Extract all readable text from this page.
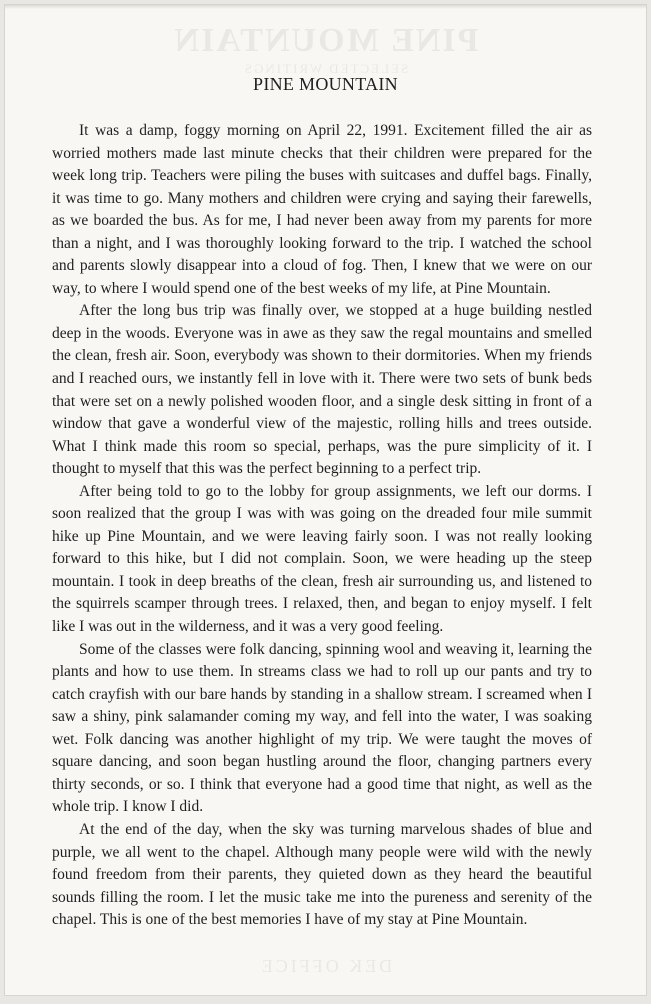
PINE MOUNTAIN
SELECTED WRITINGS
DEK OFFICE
PINE MOUNTAIN

It was a damp, foggy morning on April 22, 1991. Excitement filled the air as worried mothers made last minute checks that their children were prepared for the week long trip. Teachers were piling the buses with suitcases and duffel bags. Finally, it was time to go. Many mothers and children were crying and saying their farewells, as we boarded the bus. As for me, I had never been away from my parents for more than a night, and I was thoroughly looking forward to the trip. I watched the school and parents slowly disappear into a cloud of fog. Then, I knew that we were on our way, to where I would spend one of the best weeks of my life, at Pine Mountain.

After the long bus trip was finally over, we stopped at a huge building nestled deep in the woods. Everyone was in awe as they saw the regal mountains and smelled the clean, fresh air. Soon, everybody was shown to their dormitories. When my friends and I reached ours, we instantly fell in love with it. There were two sets of bunk beds that were set on a newly polished wooden floor, and a single desk sitting in front of a window that gave a wonderful view of the majestic, rolling hills and trees outside. What I think made this room so special, perhaps, was the pure simplicity of it. I thought to myself that this was the perfect beginning to a perfect trip.

After being told to go to the lobby for group assignments, we left our dorms. I soon realized that the group I was with was going on the dreaded four mile summit hike up Pine Mountain, and we were leaving fairly soon. I was not really looking forward to this hike, but I did not complain. Soon, we were heading up the steep mountain. I took in deep breaths of the clean, fresh air surrounding us, and listened to the squirrels scamper through trees. I relaxed, then, and began to enjoy myself. I felt like I was out in the wilderness, and it was a very good feeling.

Some of the classes were folk dancing, spinning wool and weaving it, learning the plants and how to use them. In streams class we had to roll up our pants and try to catch crayfish with our bare hands by standing in a shallow stream. I screamed when I saw a shiny, pink salamander coming my way, and fell into the water, I was soaking wet. Folk dancing was another highlight of my trip. We were taught the moves of square dancing, and soon began hustling around the floor, changing partners every thirty seconds, or so. I think that everyone had a good time that night, as well as the whole trip. I know I did.

At the end of the day, when the sky was turning marvelous shades of blue and purple, we all went to the chapel. Although many people were wild with the newly found freedom from their parents, they quieted down as they heard the beautiful sounds filling the room. I let the music take me into the pureness and serenity of the chapel. This is one of the best memories I have of my stay at Pine Mountain.
